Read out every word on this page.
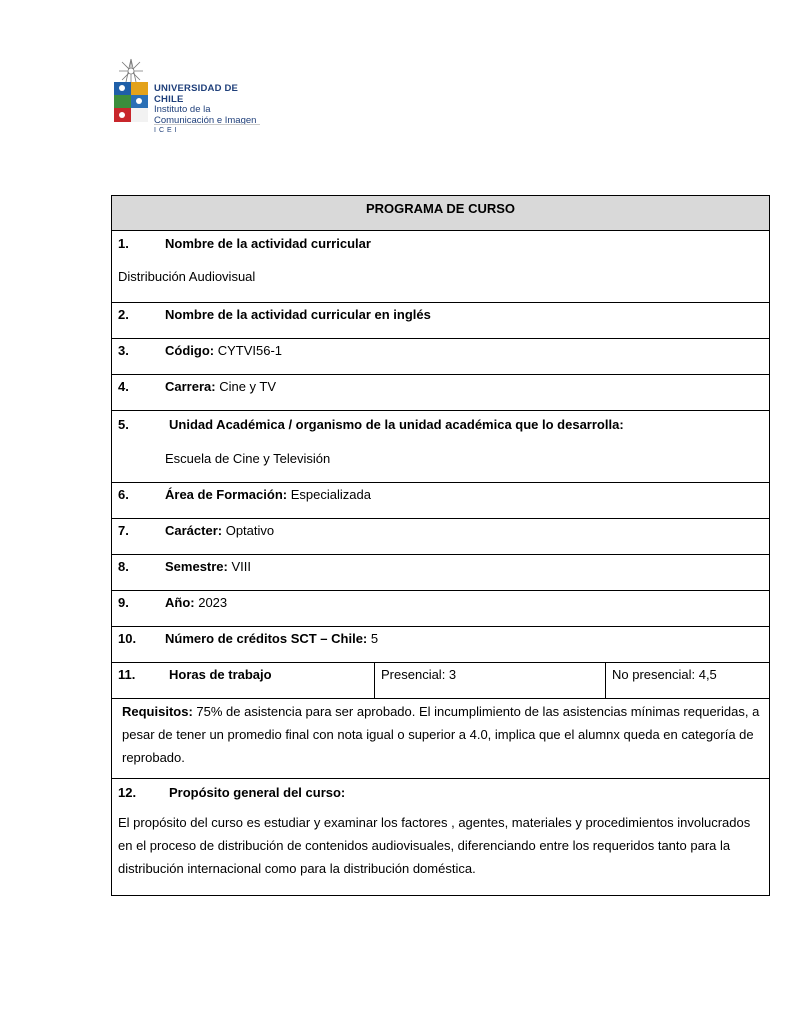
UNIVERSIDAD DE CHILE
Instituto de la
Comunicación e Imagen
ICEI
PROGRAMA DE CURSO

1.	Nombre de la actividad curricular
Distribución Audiovisual

2.	Nombre de la actividad curricular en inglés
3.	Código: CYTVI56-1
4.	Carrera: Cine y TV

5.	Unidad Académica / organismo de la unidad académica que lo desarrolla:
Escuela de Cine y Televisión

6.	Área de Formación: Especializada
7.	Carácter: Optativo
8.	Semestre: VIII
9.	Año: 2023
10. Número de créditos SCT – Chile: 5
11.	Horas de trabajo	Presencial: 3	No presencial: 4,5
Requisitos: 75% de asistencia para ser aprobado. El incumplimiento de las asistencias mínimas requeridas, a pesar de tener un promedio final con nota igual o superior a 4.0, implica que el alumnx queda en categoría de reprobado.

12.	Propósito general del curso:
El propósito del curso es estudiar y examinar los factores , agentes, materiales y procedimientos involucrados en el proceso de distribución de contenidos audiovisuales, diferenciando entre los requeridos tanto para la distribución internacional como para la distribución doméstica.
